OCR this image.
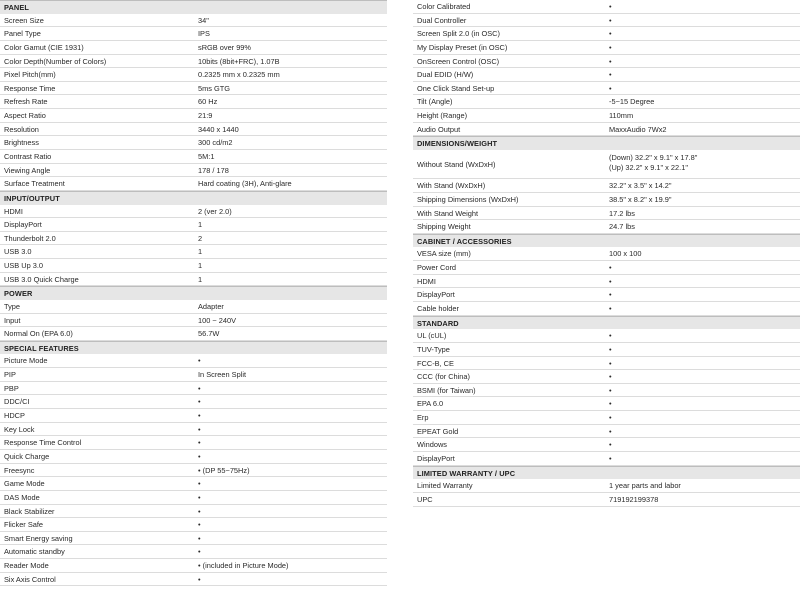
PANEL
Screen Size	34"
Panel Type	IPS
Color Gamut (CIE 1931)	sRGB over 99%
Color Depth(Number of Colors)	10bits (8bit+FRC), 1.07B
Pixel Pitch(mm)	0.2325 mm x 0.2325 mm
Response Time	5ms GTG
Refresh Rate	60 Hz
Aspect Ratio	21:9
Resolution	3440 x 1440
Brightness	300 cd/m2
Contrast Ratio	5M:1
Viewing Angle	178 / 178
Surface Treatment	Hard coating (3H), Anti-glare
INPUT/OUTPUT
HDMI	2 (ver 2.0)
DisplayPort	1
Thunderbolt 2.0	2
USB 3.0	1
USB Up 3.0	1
USB 3.0 Quick Charge	1
POWER
Type	Adapter
Input	100 ~ 240V
Normal On (EPA 6.0)	56.7W
SPECIAL FEATURES
Picture Mode	•
PIP	In Screen Split
PBP	•
DDC/CI	•
HDCP	•
Key Lock	•
Response Time Control	•
Quick Charge	•
Freesync	• (DP 55~75Hz)
Game Mode	•
DAS Mode	•
Black Stabilizer	•
Flicker Safe	•
Smart Energy saving	•
Automatic standby	•
Reader Mode	• (included in Picture Mode)
Six Axis Control	•
Color Calibrated	•
Dual Controller	•
Screen Split 2.0 (in OSC)	•
My Display Preset (in OSC)	•
OnScreen Control (OSC)	•
Dual EDID (H/W)	•
One Click Stand Set-up	•
Tilt (Angle)	-5~15 Degree
Height (Range)	110mm
Audio Output	MaxxAudio 7Wx2
DIMENSIONS/WEIGHT
Without Stand (WxDxH)
(Down) 32.2" x 9.1" x 17.8"
(Up) 32.2" x 9.1" x 22.1"
With Stand (WxDxH)	32.2" x 3.5" x 14.2"
Shipping Dimensions (WxDxH)	38.5" x 8.2" x 19.9"
With Stand Weight	17.2 lbs
Shipping Weight	24.7 lbs
CABINET / ACCESSORIES
VESA size (mm)	100 x 100
Power Cord	•
HDMI	•
DisplayPort	•
Cable holder	•
STANDARD
UL (cUL)	•
TUV-Type	•
FCC-B, CE	•
CCC (for China)	•
BSMI (for Taiwan)	•
EPA 6.0	•
Erp	•
EPEAT Gold	•
Windows	•
DisplayPort	•
LIMITED WARRANTY / UPC
Limited Warranty	1 year parts and labor
UPC	719192199378
